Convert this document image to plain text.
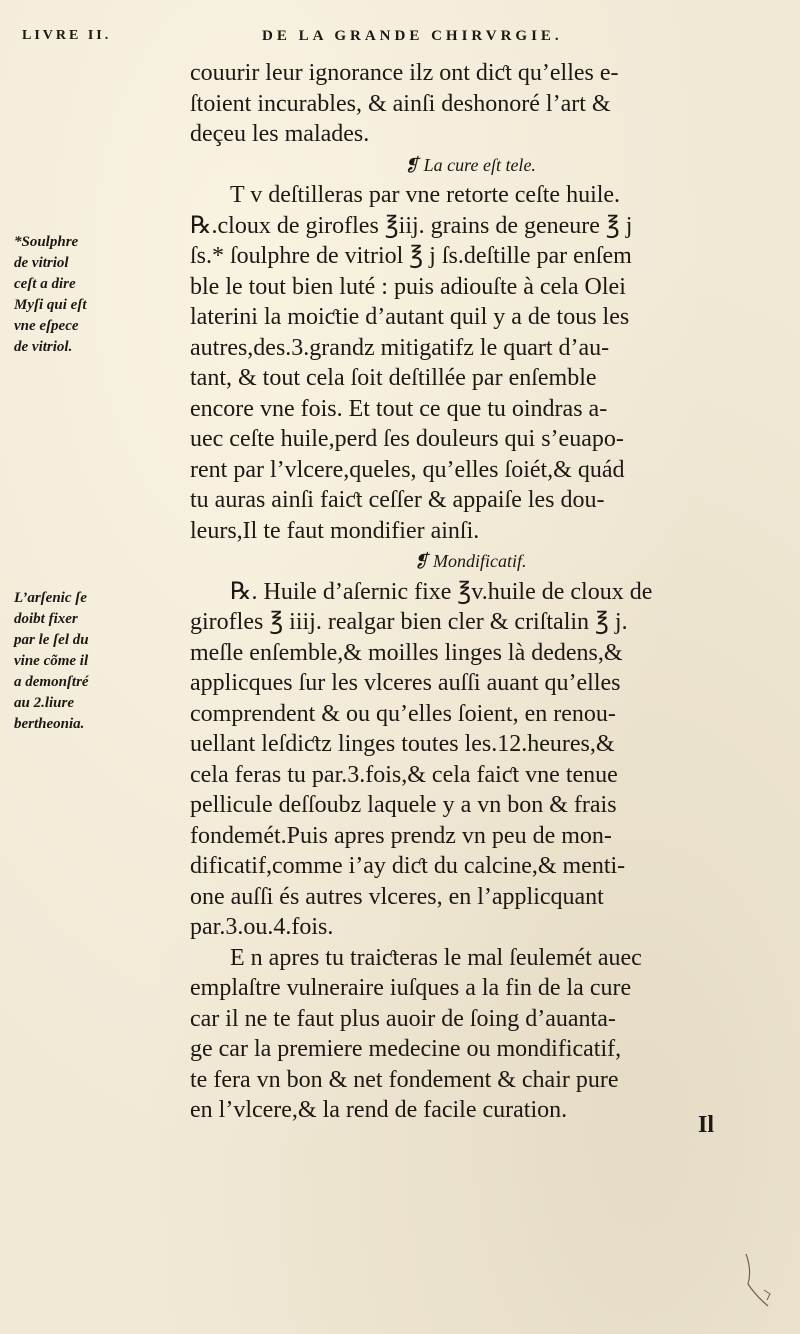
LIVRE II.	DE LA GRANDE CHIRVRGIE.
*Soulphre
de vitriol
ceſt a dire
Myſi qui eſt
vne eſpece
de vitriol.
L’arſenic ſe
doibt fixer
par le ſel du
vine cõme il
a demonſtré
au 2.liure
bertheonia.
couurir leur ignorance ilz ont diƈt qu’elles e-
ſtoient incurables, & ainſi deshonoré l’art &
deçeu les malades.
❡ La cure eſt tele.
T v deſtilleras par vne retorte ceſte huile.
℞.cloux de girofles ℥iij. grains de geneure ℥ j
ſs.* ſoulphre de vitriol ℥ j ſs.deſtille par enſem
ble le tout bien luté : puis adiouſte à cela Olei
laterini la moiƈtie d’autant quil y a de tous les
autres,des.3.grandz mitigatifz le quart d’au-
tant, & tout cela ſoit deſtillée par enſemble
encore vne fois. Et tout ce que tu oindras a-
uec ceſte huile,perd ſes douleurs qui s’euapo-
rent par l’vlcere,queles, qu’elles ſoiét,& quád
tu auras ainſi faiƈt ceſſer & appaiſe les dou-
leurs,Il te faut mondifier ainſi.
❡ Mondificatif.
℞. Huile d’aſernic fixe ℥v.huile de cloux de
girofles ℥ iiij. realgar bien cler & criſtalin ℥ j.
meſle enſemble,& moilles linges là dedens,&
applicques ſur les vlceres auſſi auant qu’elles
comprendent & ou qu’elles ſoient, en renou-
uellant leſdiƈtz linges toutes les.12.heures,&
cela feras tu par.3.fois,& cela faiƈt vne tenue
pellicule deſſoubz laquele y a vn bon & frais
fondemét.Puis apres prendz vn peu de mon-
dificatif,comme i’ay diƈt du calcine,& menti-
one auſſi és autres vlceres, en l’applicquant
par.3.ou.4.fois.
E n apres tu traiƈteras le mal ſeulemét auec
emplaſtre vulneraire iuſques a la fin de la cure
car il ne te faut plus auoir de ſoing d’auanta-
ge car la premiere medecine ou mondificatif,
te fera vn bon & net fondement & chair pure
en l’vlcere,& la rend de facile curation.
Il
